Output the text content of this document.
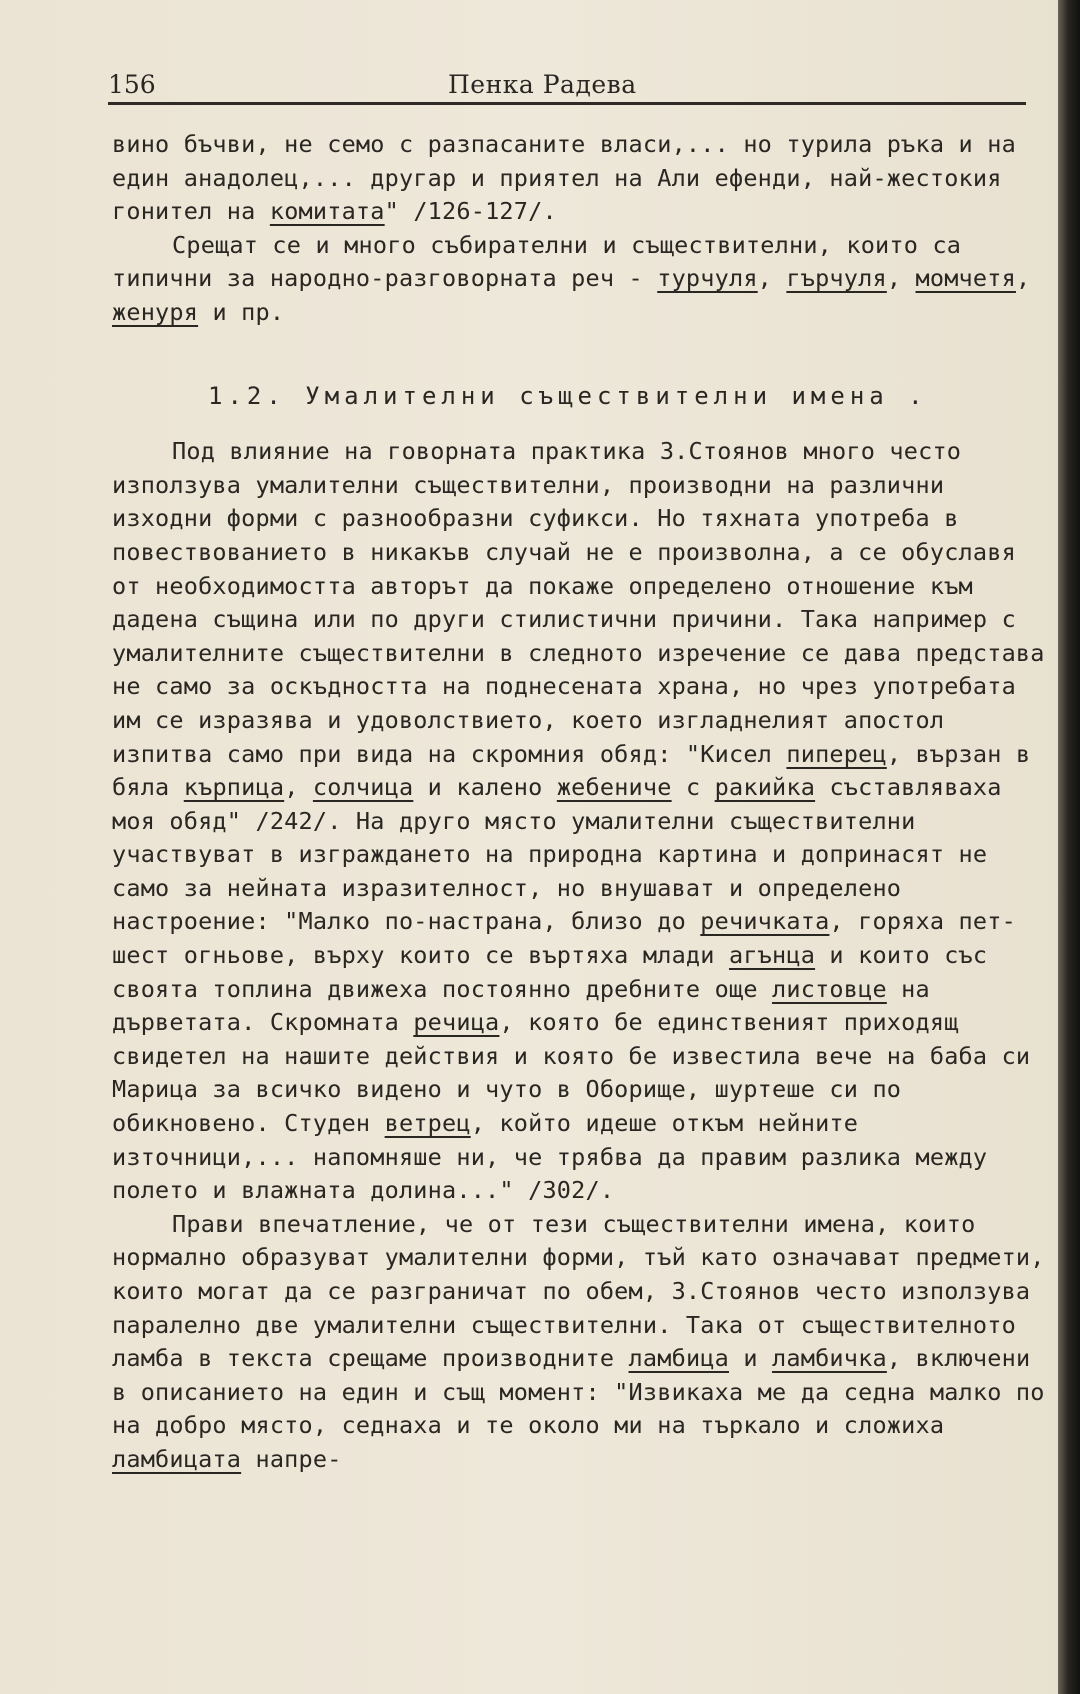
156	Пенка Радева

вино бъчви, не семо с разпасаните власи,... но турила ръка и на един анадолец,... другар и приятел на Али ефенди, най-жестокия гонител на комитата" /126-127/.

Срещат се и много събирателни и съществителни, които са типични за народно-разговорната реч - турчуля, гърчуля, момчетя, женуря и пр.

1.2. Умалителни съществителни имена .

Под влияние на говорната практика З.Стоянов много често използува умалителни съществителни, производни на различни изходни форми с разнообразни суфикси. Но тяхната употреба в повествованието в никакъв случай не е произволна, а се обуславя от необходимостта авторът да покаже определено отношение към дадена същина или по други стилистични причини. Така например с умалителните съществителни в следното изречение се дава представа не само за оскъдността на поднесената храна, но чрез употребата им се изразява и удоволствието, което изгладнелият апостол изпитва само при вида на скромния обяд: "Кисел пиперец, вързан в бяла кърпица, солчица и калено жебениче с ракийка съставляваха моя обяд" /242/. На друго място умалителни съществителни участвуват в изграждането на природна картина и допринасят не само за нейната изразителност, но внушават и определено настроение: "Малко по-настрана, близо до речичката, горяха пет-шест огньове, върху които се въртяха млади агънца и които със своята топлина движеха постоянно дребните още листовце на дърветата. Скромната речица, която бе единственият приходящ свидетел на нашите действия и която бе известила вече на баба си Марица за всичко видено и чуто в Оборище, шуртеше си по обикновено. Студен ветрец, който идеше откъм нейните източници,... напомняше ни, че трябва да правим разлика между полето и влажната долина..." /302/.

Прави впечатление, че от тези съществителни имена, които нормално образуват умалителни форми, тъй като означават предмети, които могат да се разграничат по обем, З.Стоянов често използува паралелно две умалителни съществителни. Така от съществителното ламба в текста срещаме производните ламбица и ламбичка, включени в описанието на един и същ момент: "Извикаха ме да седна малко по на добро място, седнаха и те около ми на търкало и сложиха ламбицата напре-
